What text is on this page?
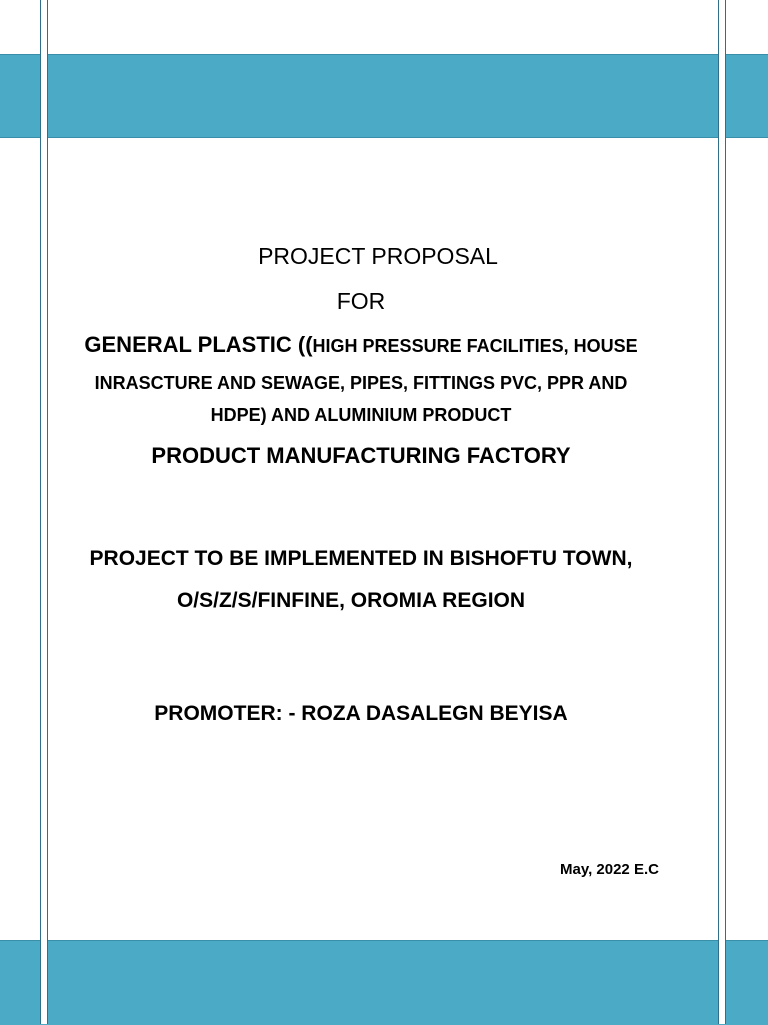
PROJECT PROPOSAL
FOR
GENERAL PLASTIC ((HIGH PRESSURE FACILITIES, HOUSE
INRASCTURE AND SEWAGE, PIPES, FITTINGS PVC, PPR AND
HDPE) AND ALUMINIUM PRODUCT
PRODUCT MANUFACTURING FACTORY
PROJECT TO BE IMPLEMENTED IN BISHOFTU TOWN,
O/S/Z/S/FINFINE, OROMIA REGION
PROMOTER: - ROZA DASALEGN BEYISA
May, 2022 E.C
